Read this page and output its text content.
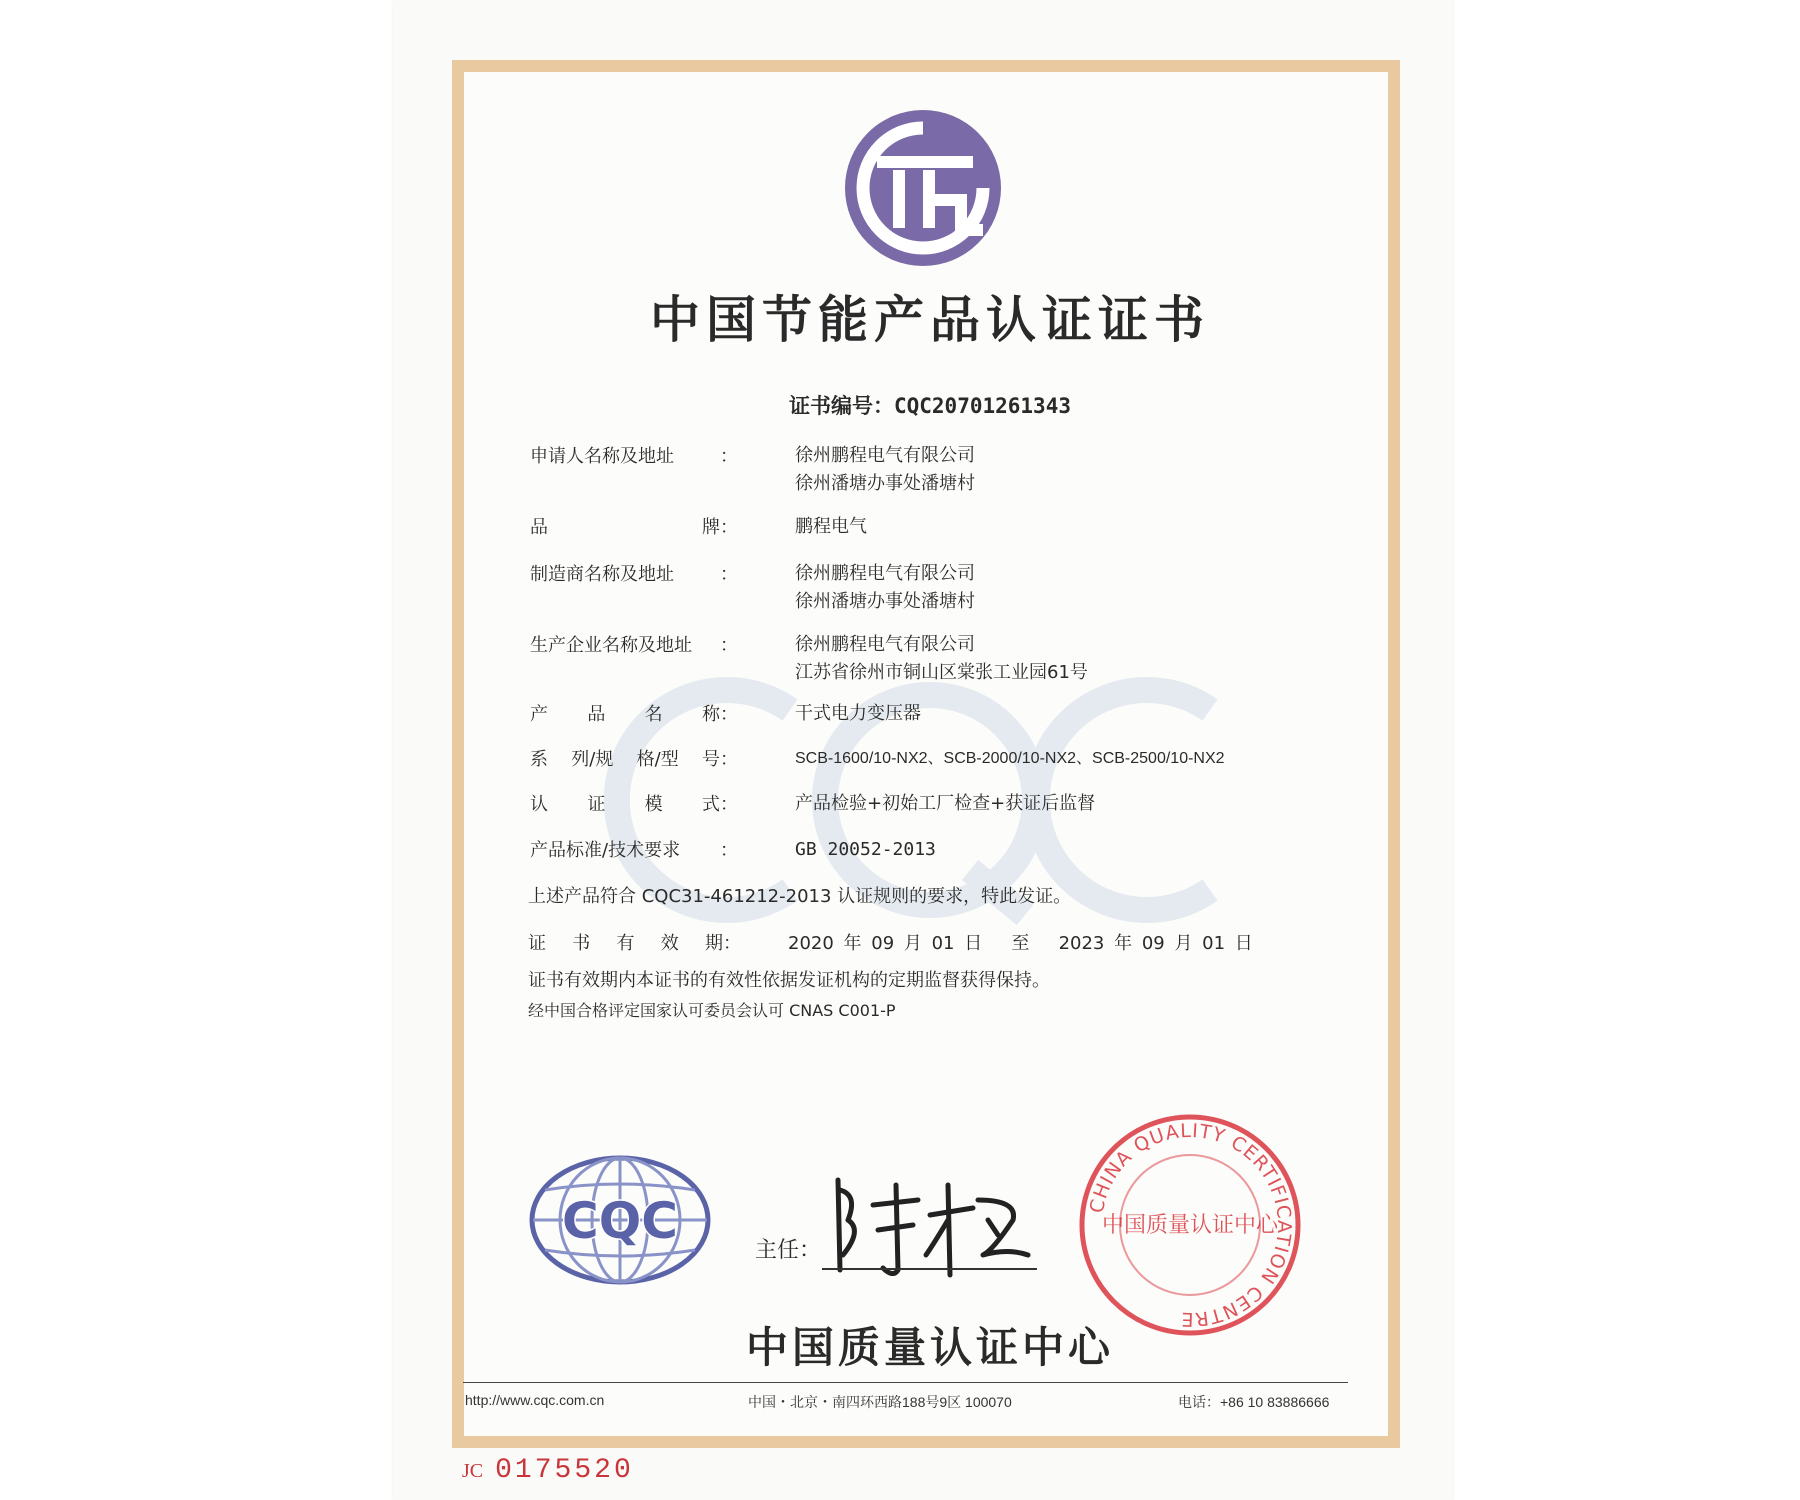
中国节能产品认证证书
证书编号：CQC20701261343
申请人名称及地址	：	徐州鹏程电气有限公司
徐州潘塘办事处潘塘村
品	牌 ：	鹏程电气
制造商名称及地址	：	徐州鹏程电气有限公司
徐州潘塘办事处潘塘村
生产企业名称及地址	：	徐州鹏程电气有限公司
江苏省徐州市铜山区棠张工业园61号
产 品 名 称 ：	干式电力变压器
系 列/规 格/型 号 ：	SCB-1600/10-NX2、SCB-2000/10-NX2、SCB-2500/10-NX2
认 证 模 式 ：	产品检验+初始工厂检查+获证后监督
产品标准/技术要求	：	GB 20052-2013
上述产品符合 CQC31-461212-2013 认证规则的要求，特此发证。
证 书 有 效 期 ：	2020 年 09 月 01 日 至 2023 年 09 月 01 日
证书有效期内本证书的有效性依据发证机构的定期监督获得保持。
经中国合格评定国家认可委员会认可 CNAS C001-P
CQC
主任：
CHINA QUALITY CERTIFICATION CENTRE
中国质量认证中心
中国质量认证中心
http://www.cqc.com.cn	中国・北京・南四环西路188号9区 100070	电话：+86 10 83886666
JC 0175520
